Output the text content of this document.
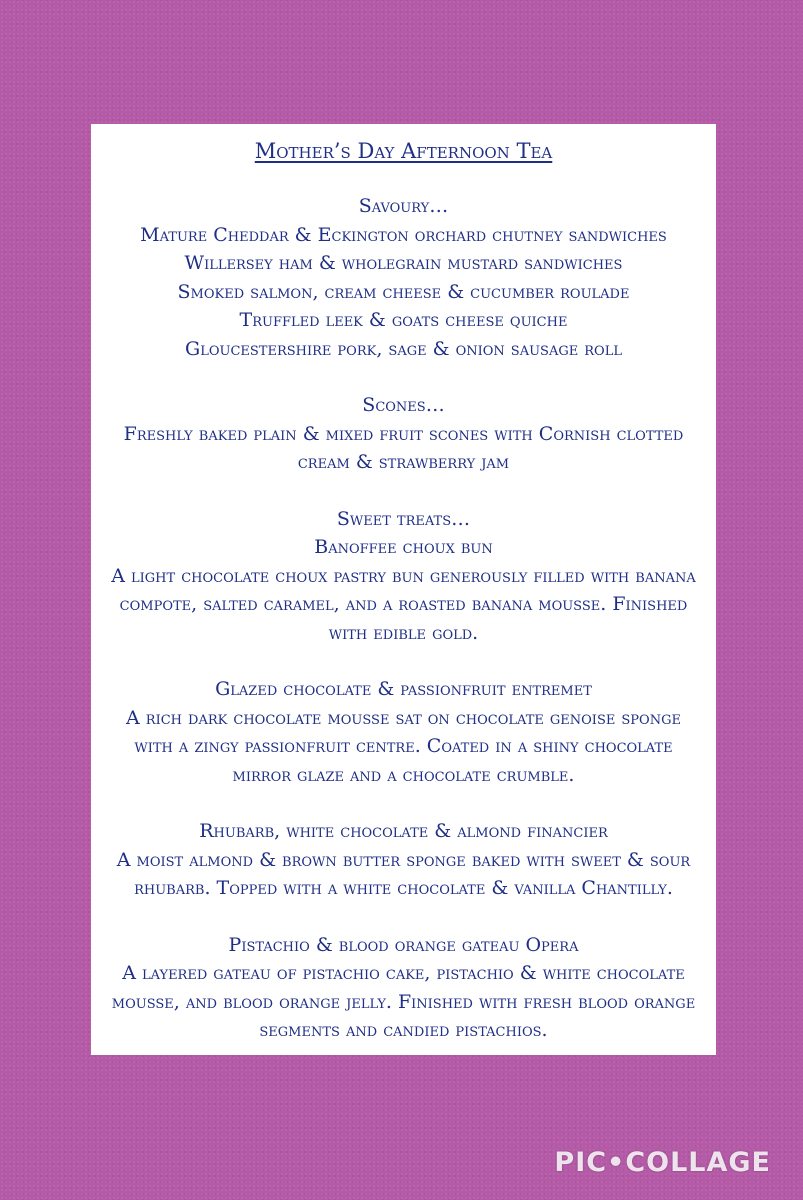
Mother’s Day Afternoon Tea
Savoury…
Mature Cheddar & Eckington orchard chutney sandwiches
Willersey ham & wholegrain mustard sandwiches
Smoked salmon, cream cheese & cucumber roulade
Truffled leek & goats cheese quiche
Gloucestershire pork, sage & onion sausage roll
Scones…
Freshly baked plain & mixed fruit scones with Cornish clotted cream & strawberry jam
Sweet treats…
Banoffee choux bun
A light chocolate choux pastry bun generously filled with banana compote, salted caramel, and a roasted banana mousse. Finished with edible gold.
Glazed chocolate & passionfruit entremet
A rich dark chocolate mousse sat on chocolate genoise sponge with a zingy passionfruit centre. Coated in a shiny chocolate mirror glaze and a chocolate crumble.
Rhubarb, white chocolate & almond financier
A moist almond & brown butter sponge baked with sweet & sour rhubarb. Topped with a white chocolate & vanilla Chantilly.
Pistachio & blood orange gateau Opera
A layered gateau of pistachio cake, pistachio & white chocolate mousse, and blood orange jelly. Finished with fresh blood orange segments and candied pistachios.
PIC•COLLAGE
